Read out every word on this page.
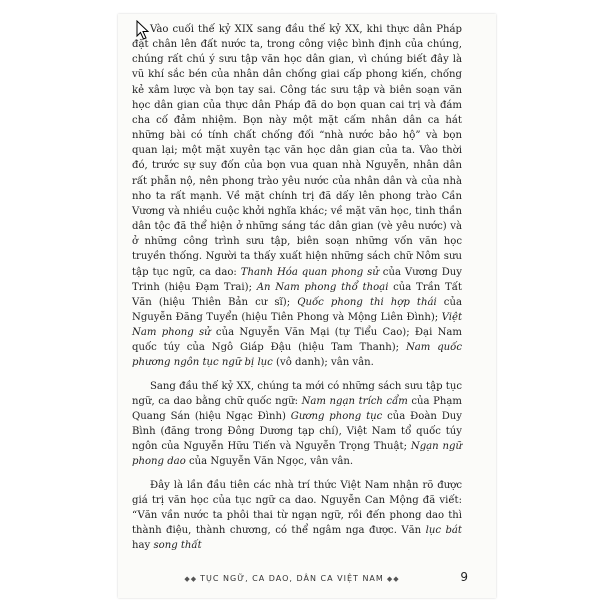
Vào cuối thế kỷ XIX sang đầu thế kỷ XX, khi thực dân Pháp đặt chân lên đất nước ta, trong công việc bình định của chúng, chúng rất chú ý sưu tập văn học dân gian, vì chúng biết đây là vũ khí sắc bén của nhân dân chống giai cấp phong kiến, chống kẻ xâm lược và bọn tay sai. Công tác sưu tập và biên soạn văn học dân gian của thực dân Pháp đã do bọn quan cai trị và đám cha cố đảm nhiệm. Bọn này một mặt cấm nhân dân ca hát những bài có tính chất chống đối “nhà nước bảo hộ” và bọn quan lại; một mặt xuyên tạc văn học dân gian của ta. Vào thời đó, trước sự suy đốn của bọn vua quan nhà Nguyễn, nhân dân rất phẫn nộ, nên phong trào yêu nước của nhân dân và của nhà nho ta rất mạnh. Về mặt chính trị đã dấy lên phong trào Cần Vương và nhiều cuộc khởi nghĩa khác; về mặt văn học, tinh thần dân tộc đã thể hiện ở những sáng tác dân gian (vè yêu nước) và ở những công trình sưu tập, biên soạn những vốn văn học truyền thống. Người ta thấy xuất hiện những sách chữ Nôm sưu tập tục ngữ, ca dao: Thanh Hóa quan phong sử của Vương Duy Trinh (hiệu Đạm Trai); An Nam phong thổ thoại của Trần Tất Văn (hiệu Thiên Bản cư sĩ); Quốc phong thi hợp thái của Nguyễn Đăng Tuyển (hiệu Tiên Phong và Mộng Liên Đình); Việt Nam phong sử của Nguyễn Văn Mại (tự Tiểu Cao); Đại Nam quốc túy của Ngô Giáp Đậu (hiệu Tam Thanh); Nam quốc phương ngôn tục ngữ bị lục (vô danh); vân vân.

Sang đầu thế kỷ XX, chúng ta mới có những sách sưu tập tục ngữ, ca dao bằng chữ quốc ngữ: Nam ngạn trích cẩm của Phạm Quang Sán (hiệu Ngạc Đình) Gương phong tục của Đoàn Duy Bình (đăng trong Đông Dương tạp chí), Việt Nam tổ quốc túy ngôn của Nguyễn Hữu Tiến và Nguyễn Trọng Thuật; Ngạn ngữ phong dao của Nguyễn Văn Ngọc, vân vân.

Đây là lần đầu tiên các nhà trí thức Việt Nam nhận rõ được giá trị văn học của tục ngữ ca dao. Nguyễn Can Mộng đã viết: “Văn vần nước ta phôi thai từ ngạn ngữ, rồi đến phong dao thì thành điệu, thành chương, có thể ngâm nga được. Văn lục bát hay song thất

◆◆ TỤC NGỮ, CA DAO, DÂN CA VIỆT NAM ◆◆	9
